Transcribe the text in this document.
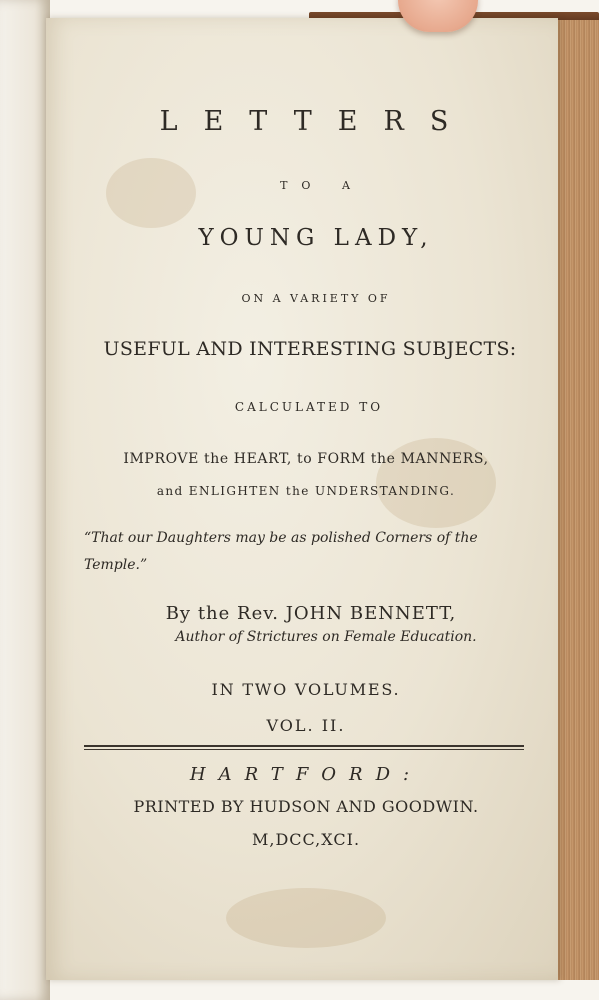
LETTERS
TO A
YOUNG LADY,
ON A VARIETY OF
USEFUL AND INTERESTING SUBJECTS:
CALCULATED TO
IMPROVE the HEART, to FORM the MANNERS,
and ENLIGHTEN the UNDERSTANDING.
“That our Daughters may be as polished Corners of the Temple.”
By the Rev. JOHN BENNETT,
Author of Strictures on Female Education.
IN TWO VOLUMES.
VOL. II.
HARTFORD:
PRINTED BY HUDSON AND GOODWIN.
M,DCC,XCI.
